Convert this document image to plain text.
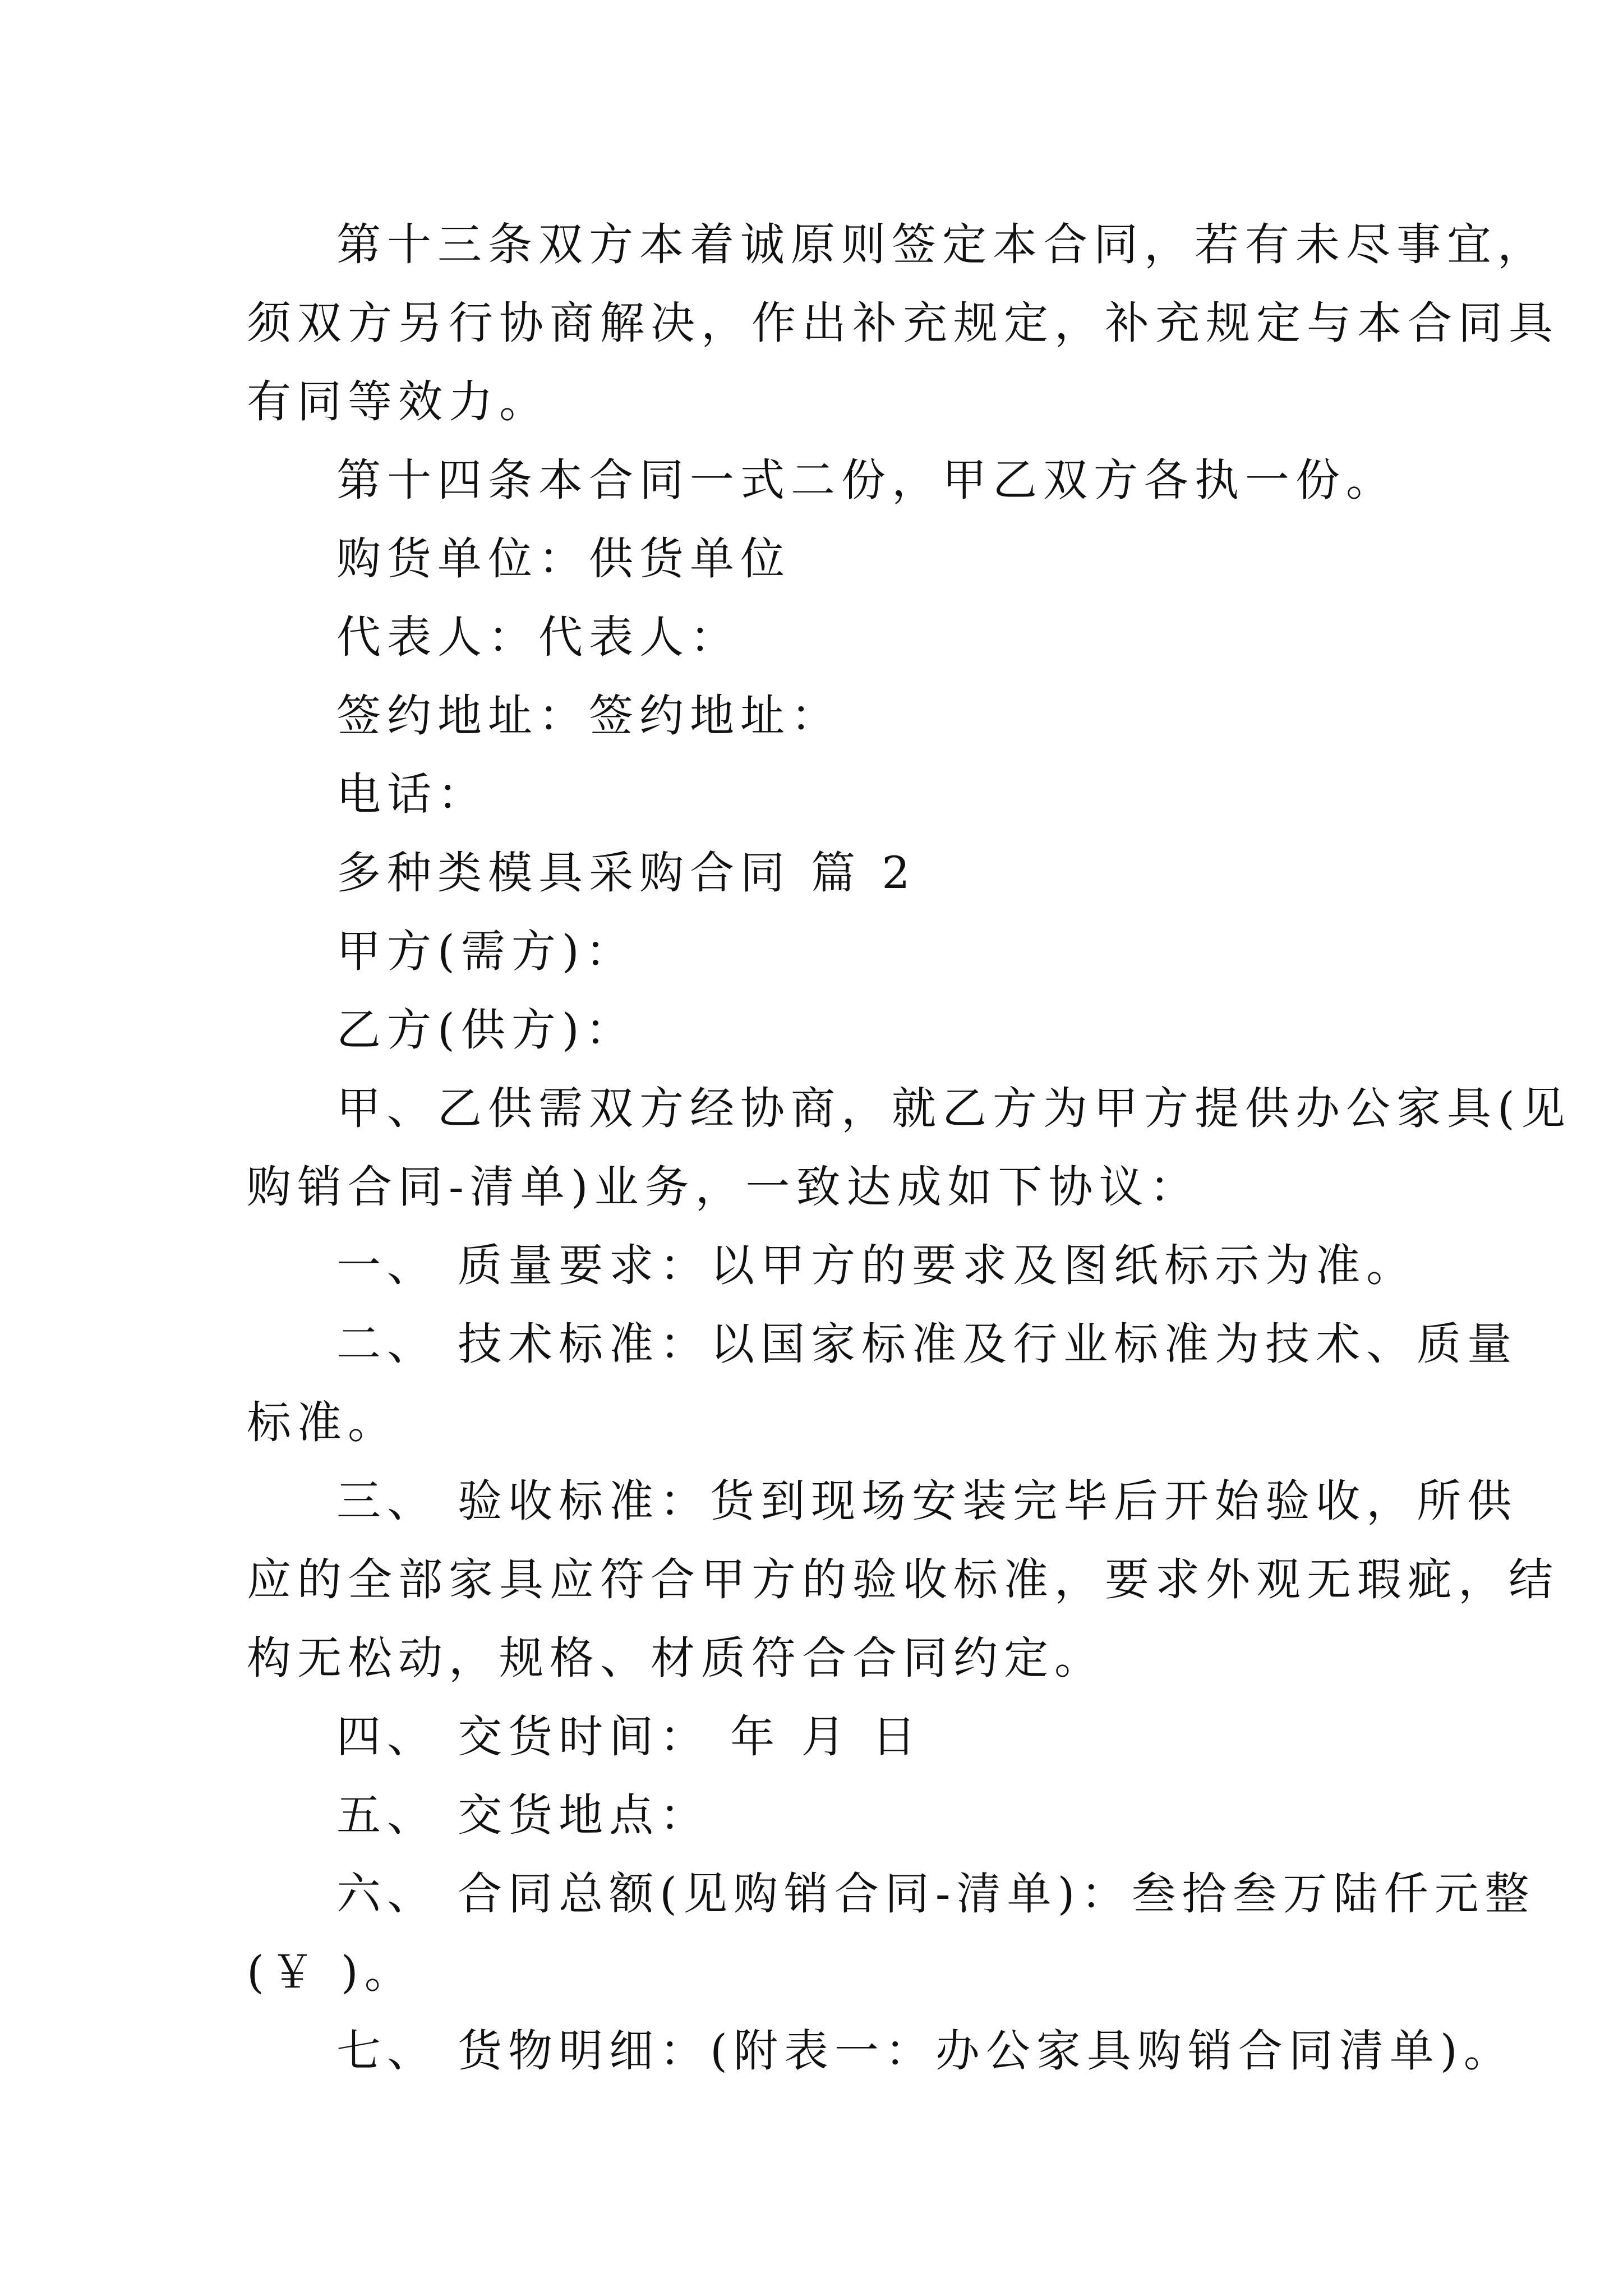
第十三条双方本着诚原则签定本合同，若有未尽事宜，
须双方另行协商解决，作出补充规定，补充规定与本合同具
有同等效力。
第十四条本合同一式二份，甲乙双方各执一份。
购货单位：供货单位
代表人：代表人：
签约地址：签约地址：
电话：
多种类模具采购合同 篇 2
甲方(需方)：
乙方(供方)：
甲、乙供需双方经协商，就乙方为甲方提供办公家具(见
购销合同-清单)业务，一致达成如下协议：
一、 质量要求：以甲方的要求及图纸标示为准。
二、 技术标准：以国家标准及行业标准为技术、质量
标准。
三、 验收标准：货到现场安装完毕后开始验收，所供
应的全部家具应符合甲方的验收标准，要求外观无瑕疵，结
构无松动，规格、材质符合合同约定。
四、 交货时间： 年 月 日
五、 交货地点：
六、 合同总额(见购销合同-清单)：叁拾叁万陆仟元整
(￥ )。
七、 货物明细：(附表一：办公家具购销合同清单)。
